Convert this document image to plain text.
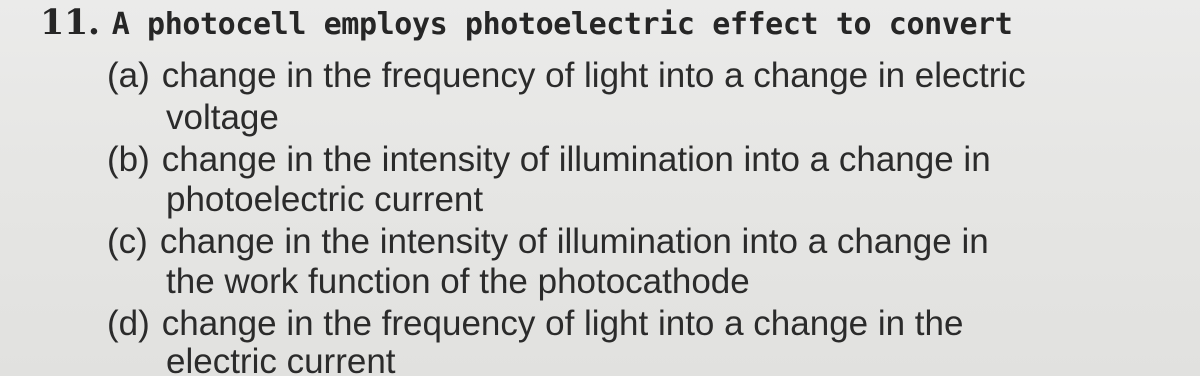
11. A photocell employs photoelectric effect to convert
(a) change in the frequency of light into a change in electric
voltage
(b) change in the intensity of illumination into a change in
photoelectric current
(c) change in the intensity of illumination into a change in
the work function of the photocathode
(d) change in the frequency of light into a change in the
electric current
